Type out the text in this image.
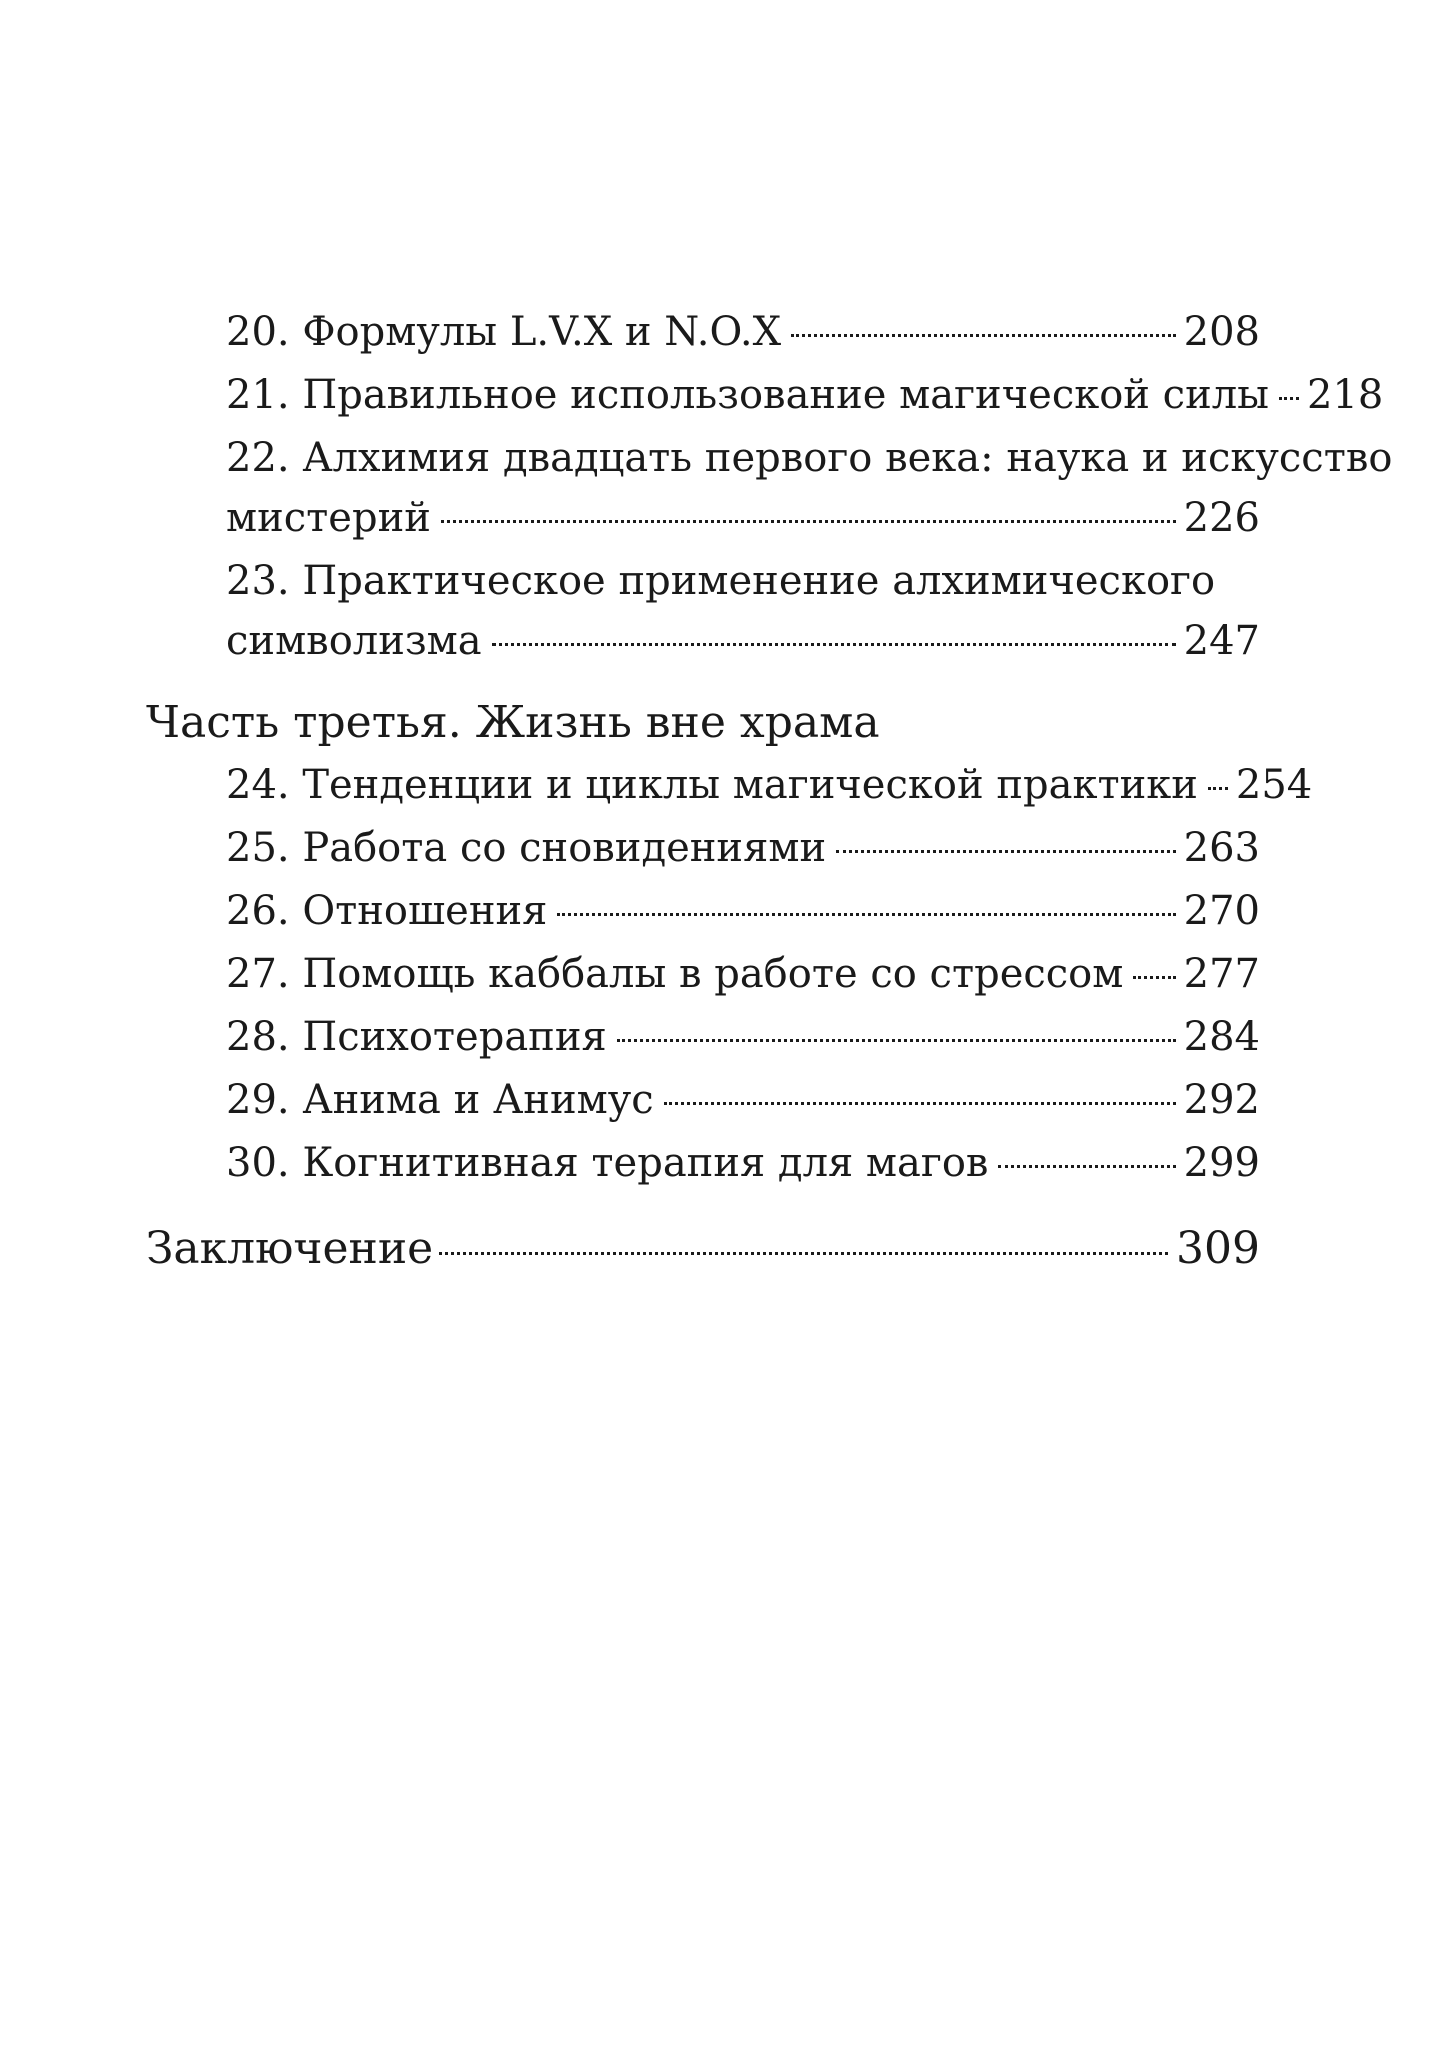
20. Формулы L.V.X и N.O.X	208
21. Правильное использование магической силы 218
22. Алхимия двадцать первого века: наука и искусство
мистерий	226
23. Практическое применение алхимического
символизма	247
Часть третья. Жизнь вне храма
24. Тенденции и циклы магической практики 254
25. Работа со сновидениями	263
26. Отношения	270
27. Помощь каббалы в работе со стрессом 277
28. Психотерапия	284
29. Анима и Анимус	292
30. Когнитивная терапия для магов	299
Заключение	309
